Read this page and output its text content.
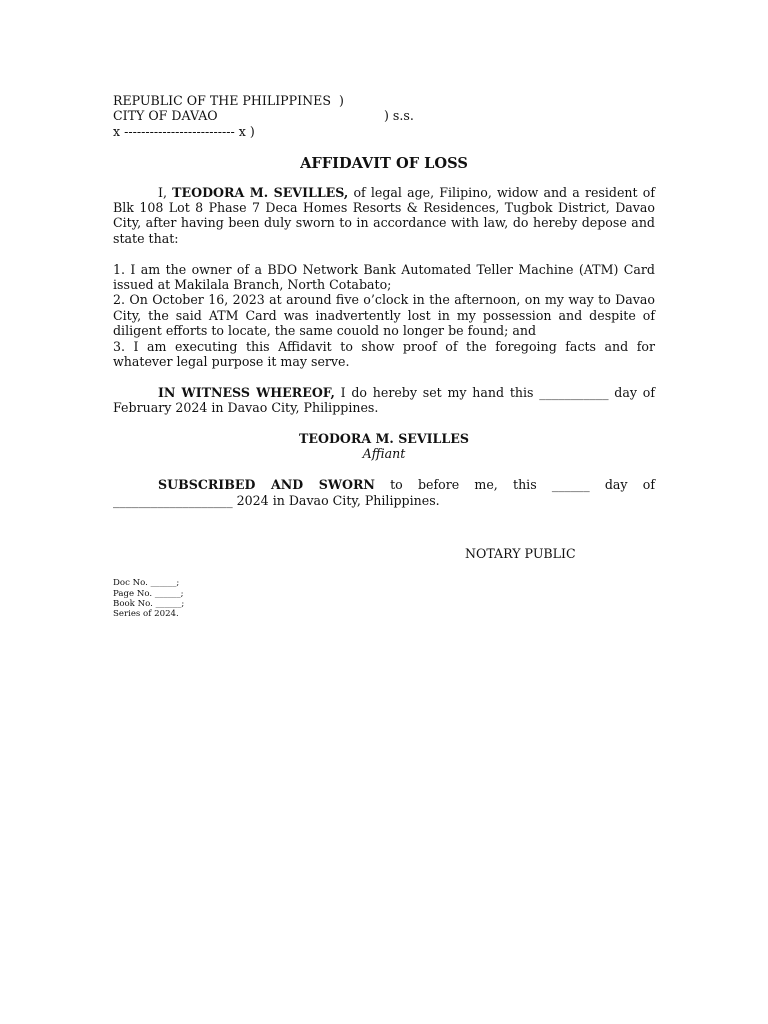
REPUBLIC OF THE PHILIPPINES )
CITY OF DAVAO	) s.s.
x -------------------------- x )
AFFIDAVIT OF LOSS

I, TEODORA M. SEVILLES, of legal age, Filipino, widow and a resident of Blk 108 Lot 8 Phase 7 Deca Homes Resorts & Residences, Tugbok District, Davao City, after having been duly sworn to in accordance with law, do hereby depose and state that:

1. I am the owner of a BDO Network Bank Automated Teller Machine (ATM) Card issued at Makilala Branch, North Cotabato;

2. On October 16, 2023 at around five o’clock in the afternoon, on my way to Davao City, the said ATM Card was inadvertently lost in my possession and despite of diligent efforts to locate, the same couold no longer be found; and

3. I am executing this Affidavit to show proof of the foregoing facts and for whatever legal purpose it may serve.

IN WITNESS WHEREOF, I do hereby set my hand this ___________ day of February 2024 in Davao City, Philippines.

TEODORA M. SEVILLES
Affiant

SUBSCRIBED AND SWORN to before me, this ______ day of ___________________ 2024 in Davao City, Philippines.

NOTARY PUBLIC
Doc No. ______;
Page No. ______;
Book No. ______;
Series of 2024.
